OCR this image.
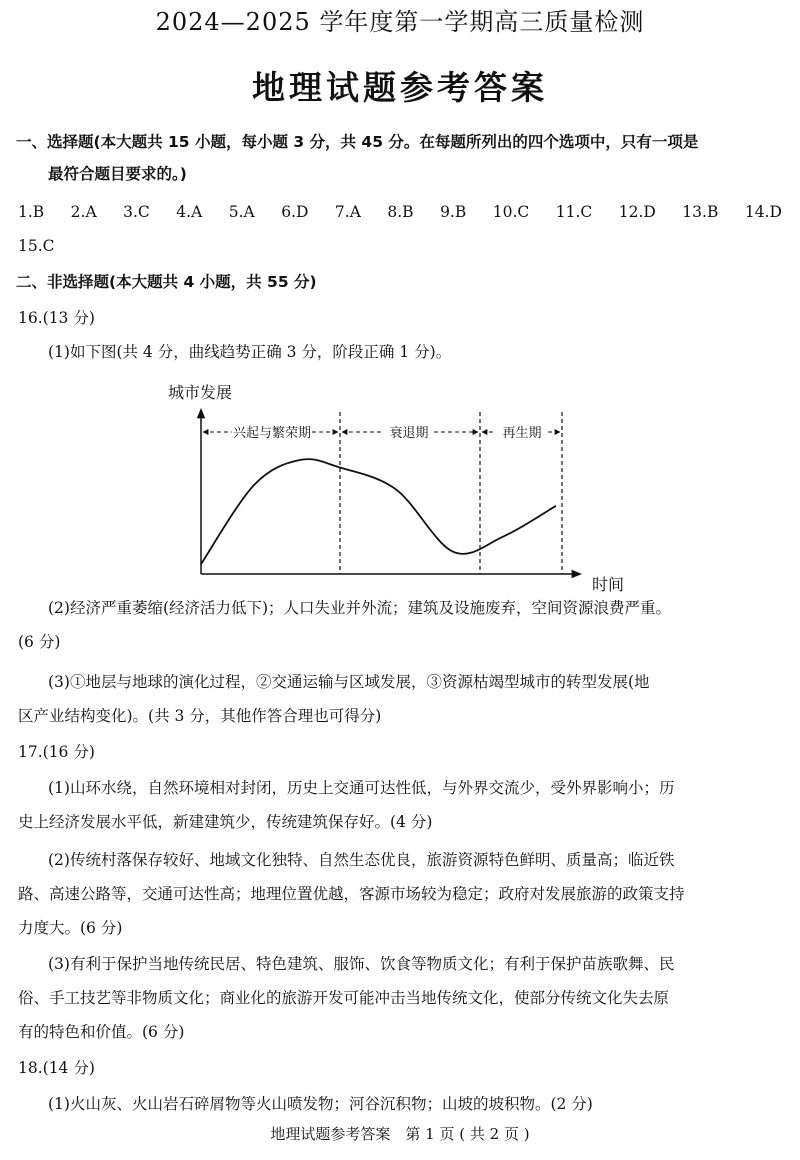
2024—2025 学年度第一学期高三质量检测
地理试题参考答案
一、选择题(本大题共 15 小题，每小题 3 分，共 45 分。在每题所列出的四个选项中，只有一项是
最符合题目要求的。)
1.B 2.A 3.C 4.A 5.A 6.D 7.A 8.B 9.B 10.C 11.C 12.D 13.B 14.D
15.C
二、非选择题(本大题共 4 小题，共 55 分)
16.(13 分)
(1)如下图(共 4 分，曲线趋势正确 3 分，阶段正确 1 分)。
城市发展
时间
兴起与繁荣期	衰退期	再生期
(2)经济严重萎缩(经济活力低下)；人口失业并外流；建筑及设施废弃，空间资源浪费严重。
(6 分)
(3)①地层与地球的演化过程，②交通运输与区域发展，③资源枯竭型城市的转型发展(地
区产业结构变化)。(共 3 分，其他作答合理也可得分)
17.(16 分)
(1)山环水绕，自然环境相对封闭，历史上交通可达性低，与外界交流少，受外界影响小；历
史上经济发展水平低，新建建筑少，传统建筑保存好。(4 分)
(2)传统村落保存较好、地域文化独特、自然生态优良，旅游资源特色鲜明、质量高；临近铁
路、高速公路等，交通可达性高；地理位置优越，客源市场较为稳定；政府对发展旅游的政策支持
力度大。(6 分)
(3)有利于保护当地传统民居、特色建筑、服饰、饮食等物质文化；有利于保护苗族歌舞、民
俗、手工技艺等非物质文化；商业化的旅游开发可能冲击当地传统文化，使部分传统文化失去原
有的特色和价值。(6 分)
18.(14 分)
(1)火山灰、火山岩石碎屑物等火山喷发物；河谷沉积物；山坡的坡积物。(2 分)
地理试题参考答案　第 1 页 ( 共 2 页 )
